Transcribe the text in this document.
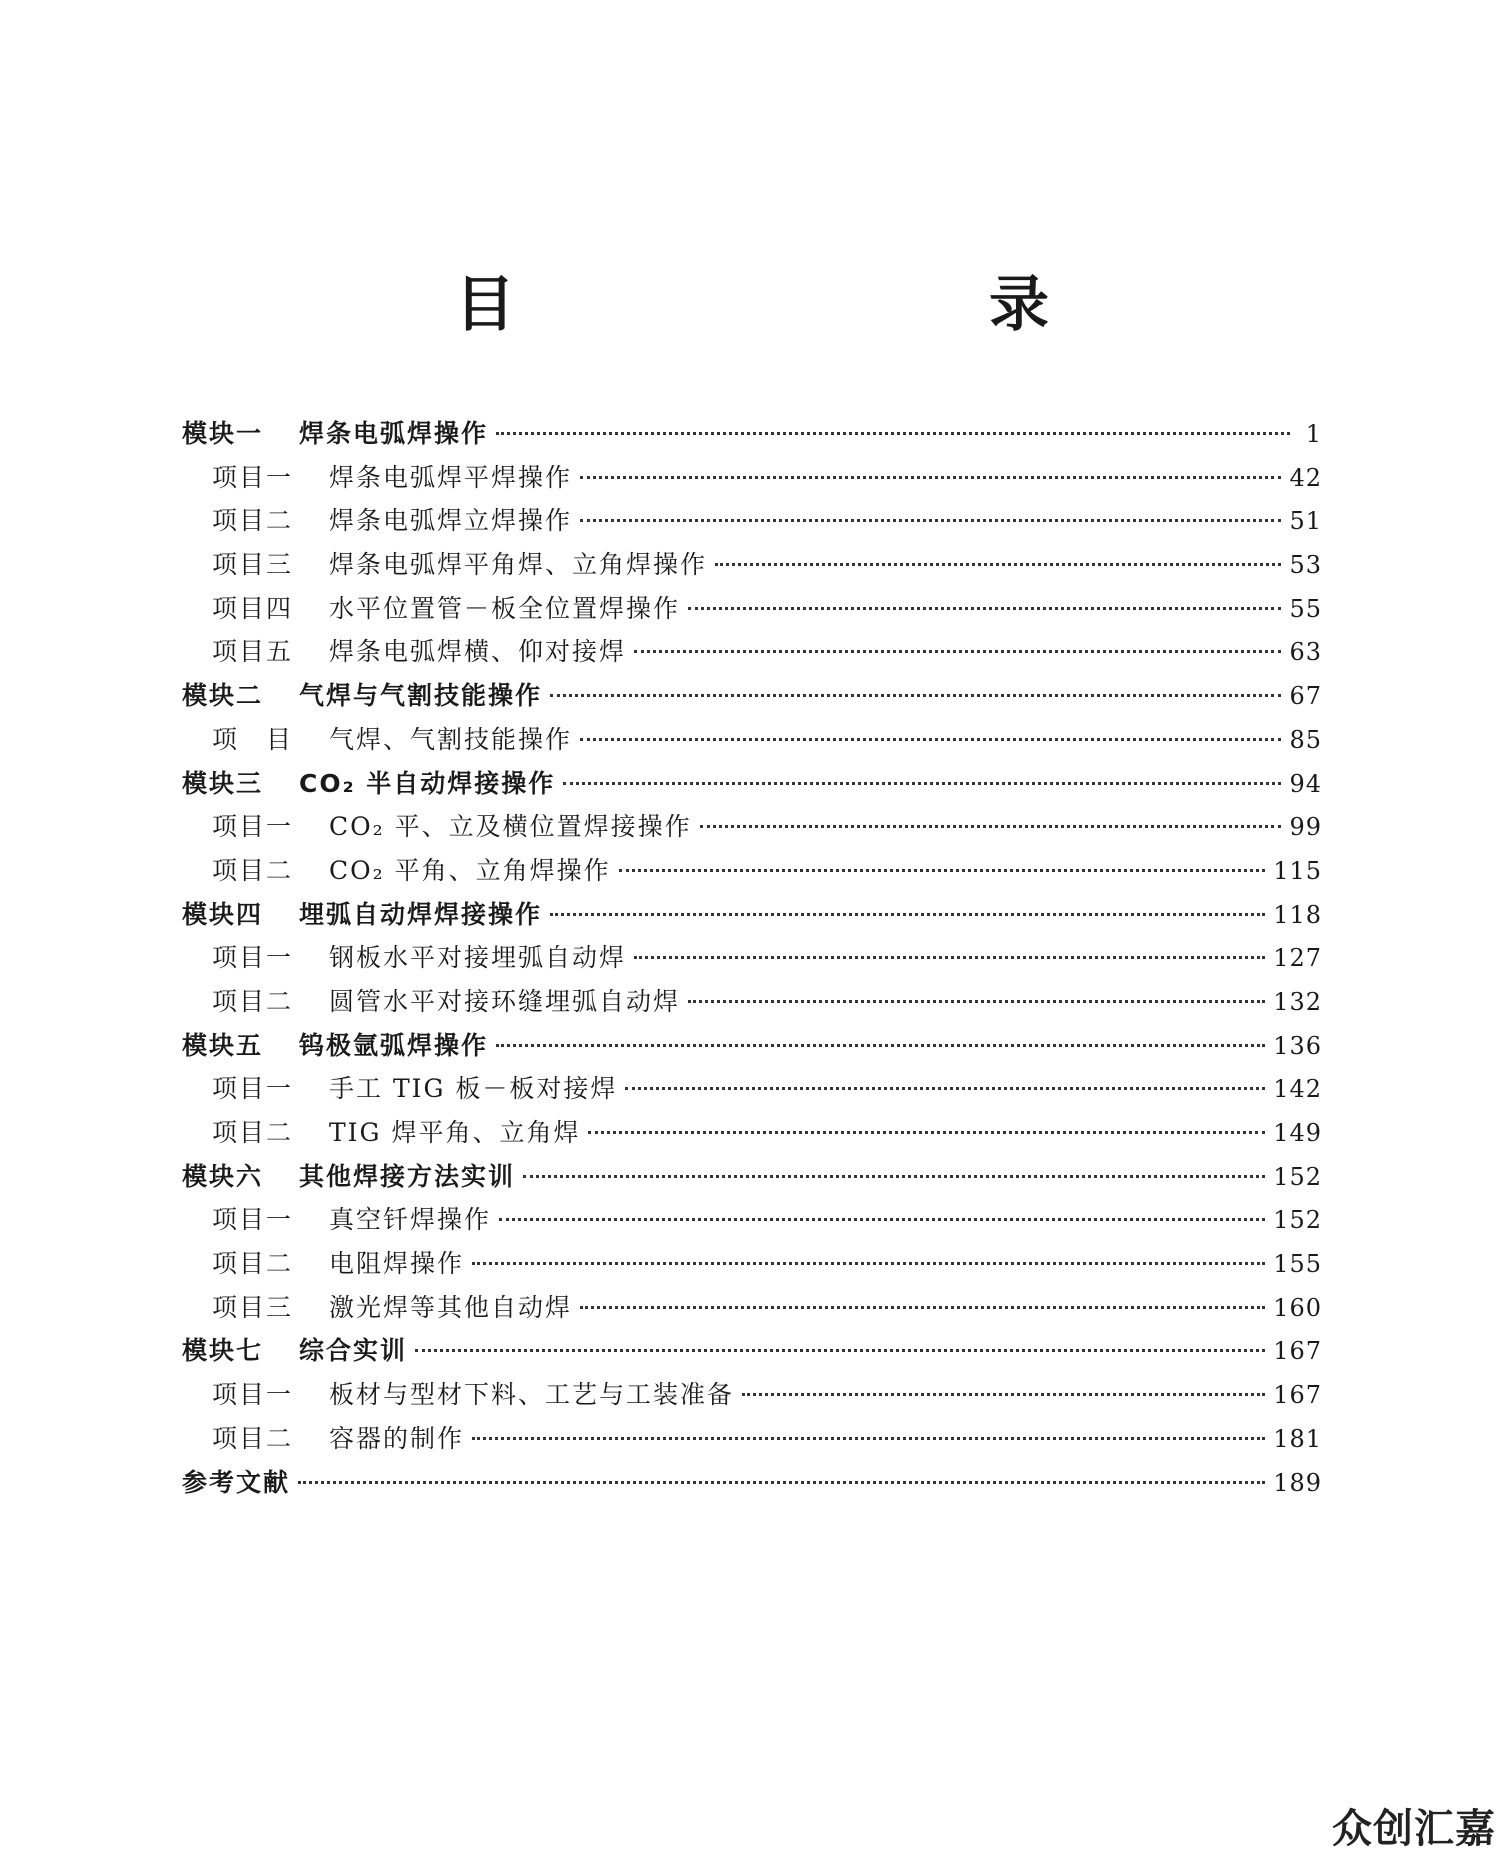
目　　录
模块一	焊条电弧焊操作	1
项目一	焊条电弧焊平焊操作	42
项目二	焊条电弧焊立焊操作	51
项目三	焊条电弧焊平角焊、立角焊操作	53
项目四	水平位置管－板全位置焊操作	55
项目五	焊条电弧焊横、仰对接焊	63
模块二	气焊与气割技能操作	67
项　目	气焊、气割技能操作	85
模块三	CO₂ 半自动焊接操作	94
项目一	CO₂ 平、立及横位置焊接操作	99
项目二	CO₂ 平角、立角焊操作	115
模块四	埋弧自动焊焊接操作	118
项目一	钢板水平对接埋弧自动焊	127
项目二	圆管水平对接环缝埋弧自动焊	132
模块五	钨极氩弧焊操作	136
项目一	手工 TIG 板－板对接焊	142
项目二	TIG 焊平角、立角焊	149
模块六	其他焊接方法实训	152
项目一	真空钎焊操作	152
项目二	电阻焊操作	155
项目三	激光焊等其他自动焊	160
模块七	综合实训	167
项目一	板材与型材下料、工艺与工装准备	167
项目二	容器的制作	181
参考文献	189
众创汇嘉
